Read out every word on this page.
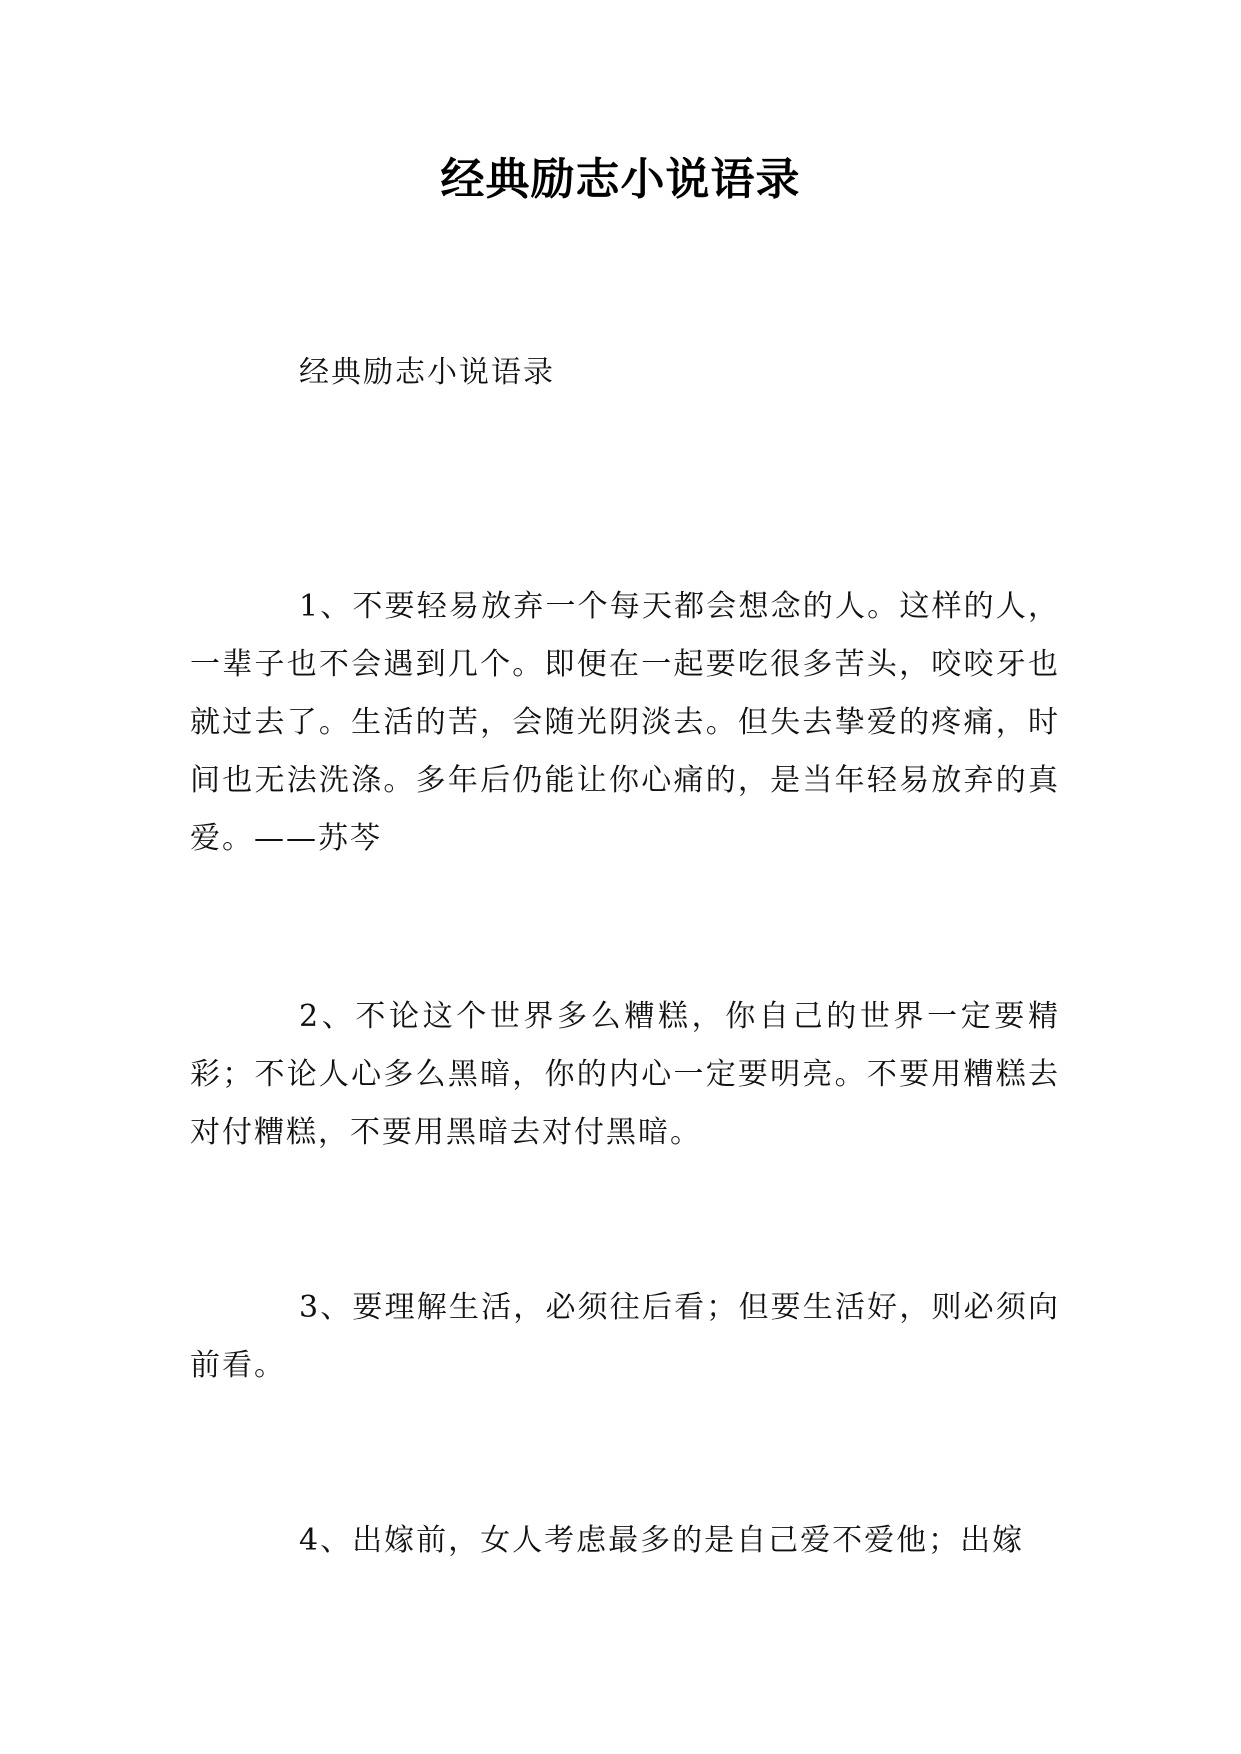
经典励志小说语录
经典励志小说语录

1、不要轻易放弃一个每天都会想念的人。这样的人，一辈子也不会遇到几个。即便在一起要吃很多苦头，咬咬牙也就过去了。生活的苦，会随光阴淡去。但失去挚爱的疼痛，时间也无法洗涤。多年后仍能让你心痛的，是当年轻易放弃的真爱。——苏芩

2、不论这个世界多么糟糕，你自己的世界一定要精彩；不论人心多么黑暗，你的内心一定要明亮。不要用糟糕去对付糟糕，不要用黑暗去对付黑暗。

3、要理解生活，必须往后看；但要生活好，则必须向前看。

4、出嫁前，女人考虑最多的是自己爱不爱他；出嫁
